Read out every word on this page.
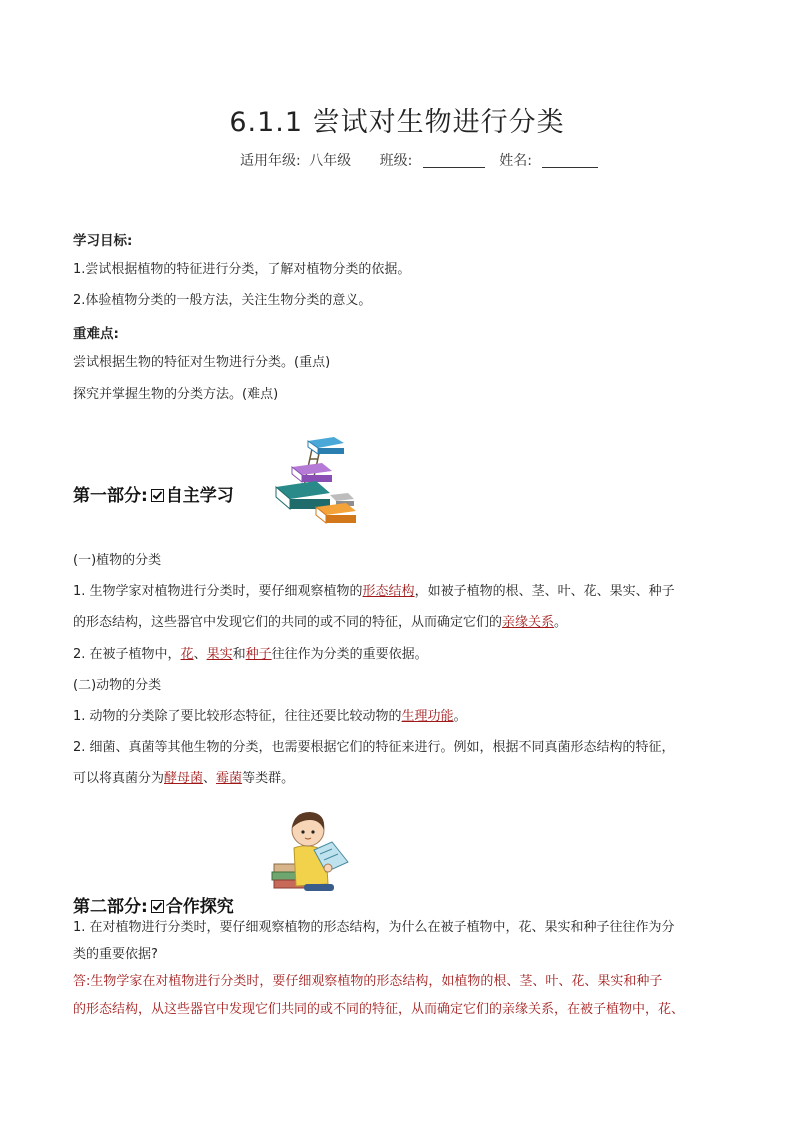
6.1.1 尝试对生物进行分类
适用年级: 八年级 班级:	姓名:
学习目标:
1.尝试根据植物的特征进行分类，了解对植物分类的依据。
2.体验植物分类的一般方法，关注生物分类的意义。
重难点:
尝试根据生物的特征对生物进行分类。(重点)
探究并掌握生物的分类方法。(难点)
第一部分: 自主学习
(一)植物的分类
1. 生物学家对植物进行分类时，要仔细观察植物的形态结构，如被子植物的根、茎、叶、花、果实、种子
的形态结构，这些器官中发现它们的共同的或不同的特征，从而确定它们的亲缘关系。
2. 在被子植物中，花、果实和种子往往作为分类的重要依据。
(二)动物的分类
1. 动物的分类除了要比较形态特征，往往还要比较动物的生理功能。
2. 细菌、真菌等其他生物的分类，也需要根据它们的特征来进行。例如，根据不同真菌形态结构的特征，
可以将真菌分为酵母菌、霉菌等类群。
第二部分: 合作探究
1. 在对植物进行分类时，要仔细观察植物的形态结构，为什么在被子植物中，花、果实和种子往往作为分
类的重要依据?
答:生物学家在对植物进行分类时，要仔细观察植物的形态结构，如植物的根、茎、叶、花、果实和种子
的形态结构，从这些器官中发现它们共同的或不同的特征，从而确定它们的亲缘关系，在被子植物中，花、
